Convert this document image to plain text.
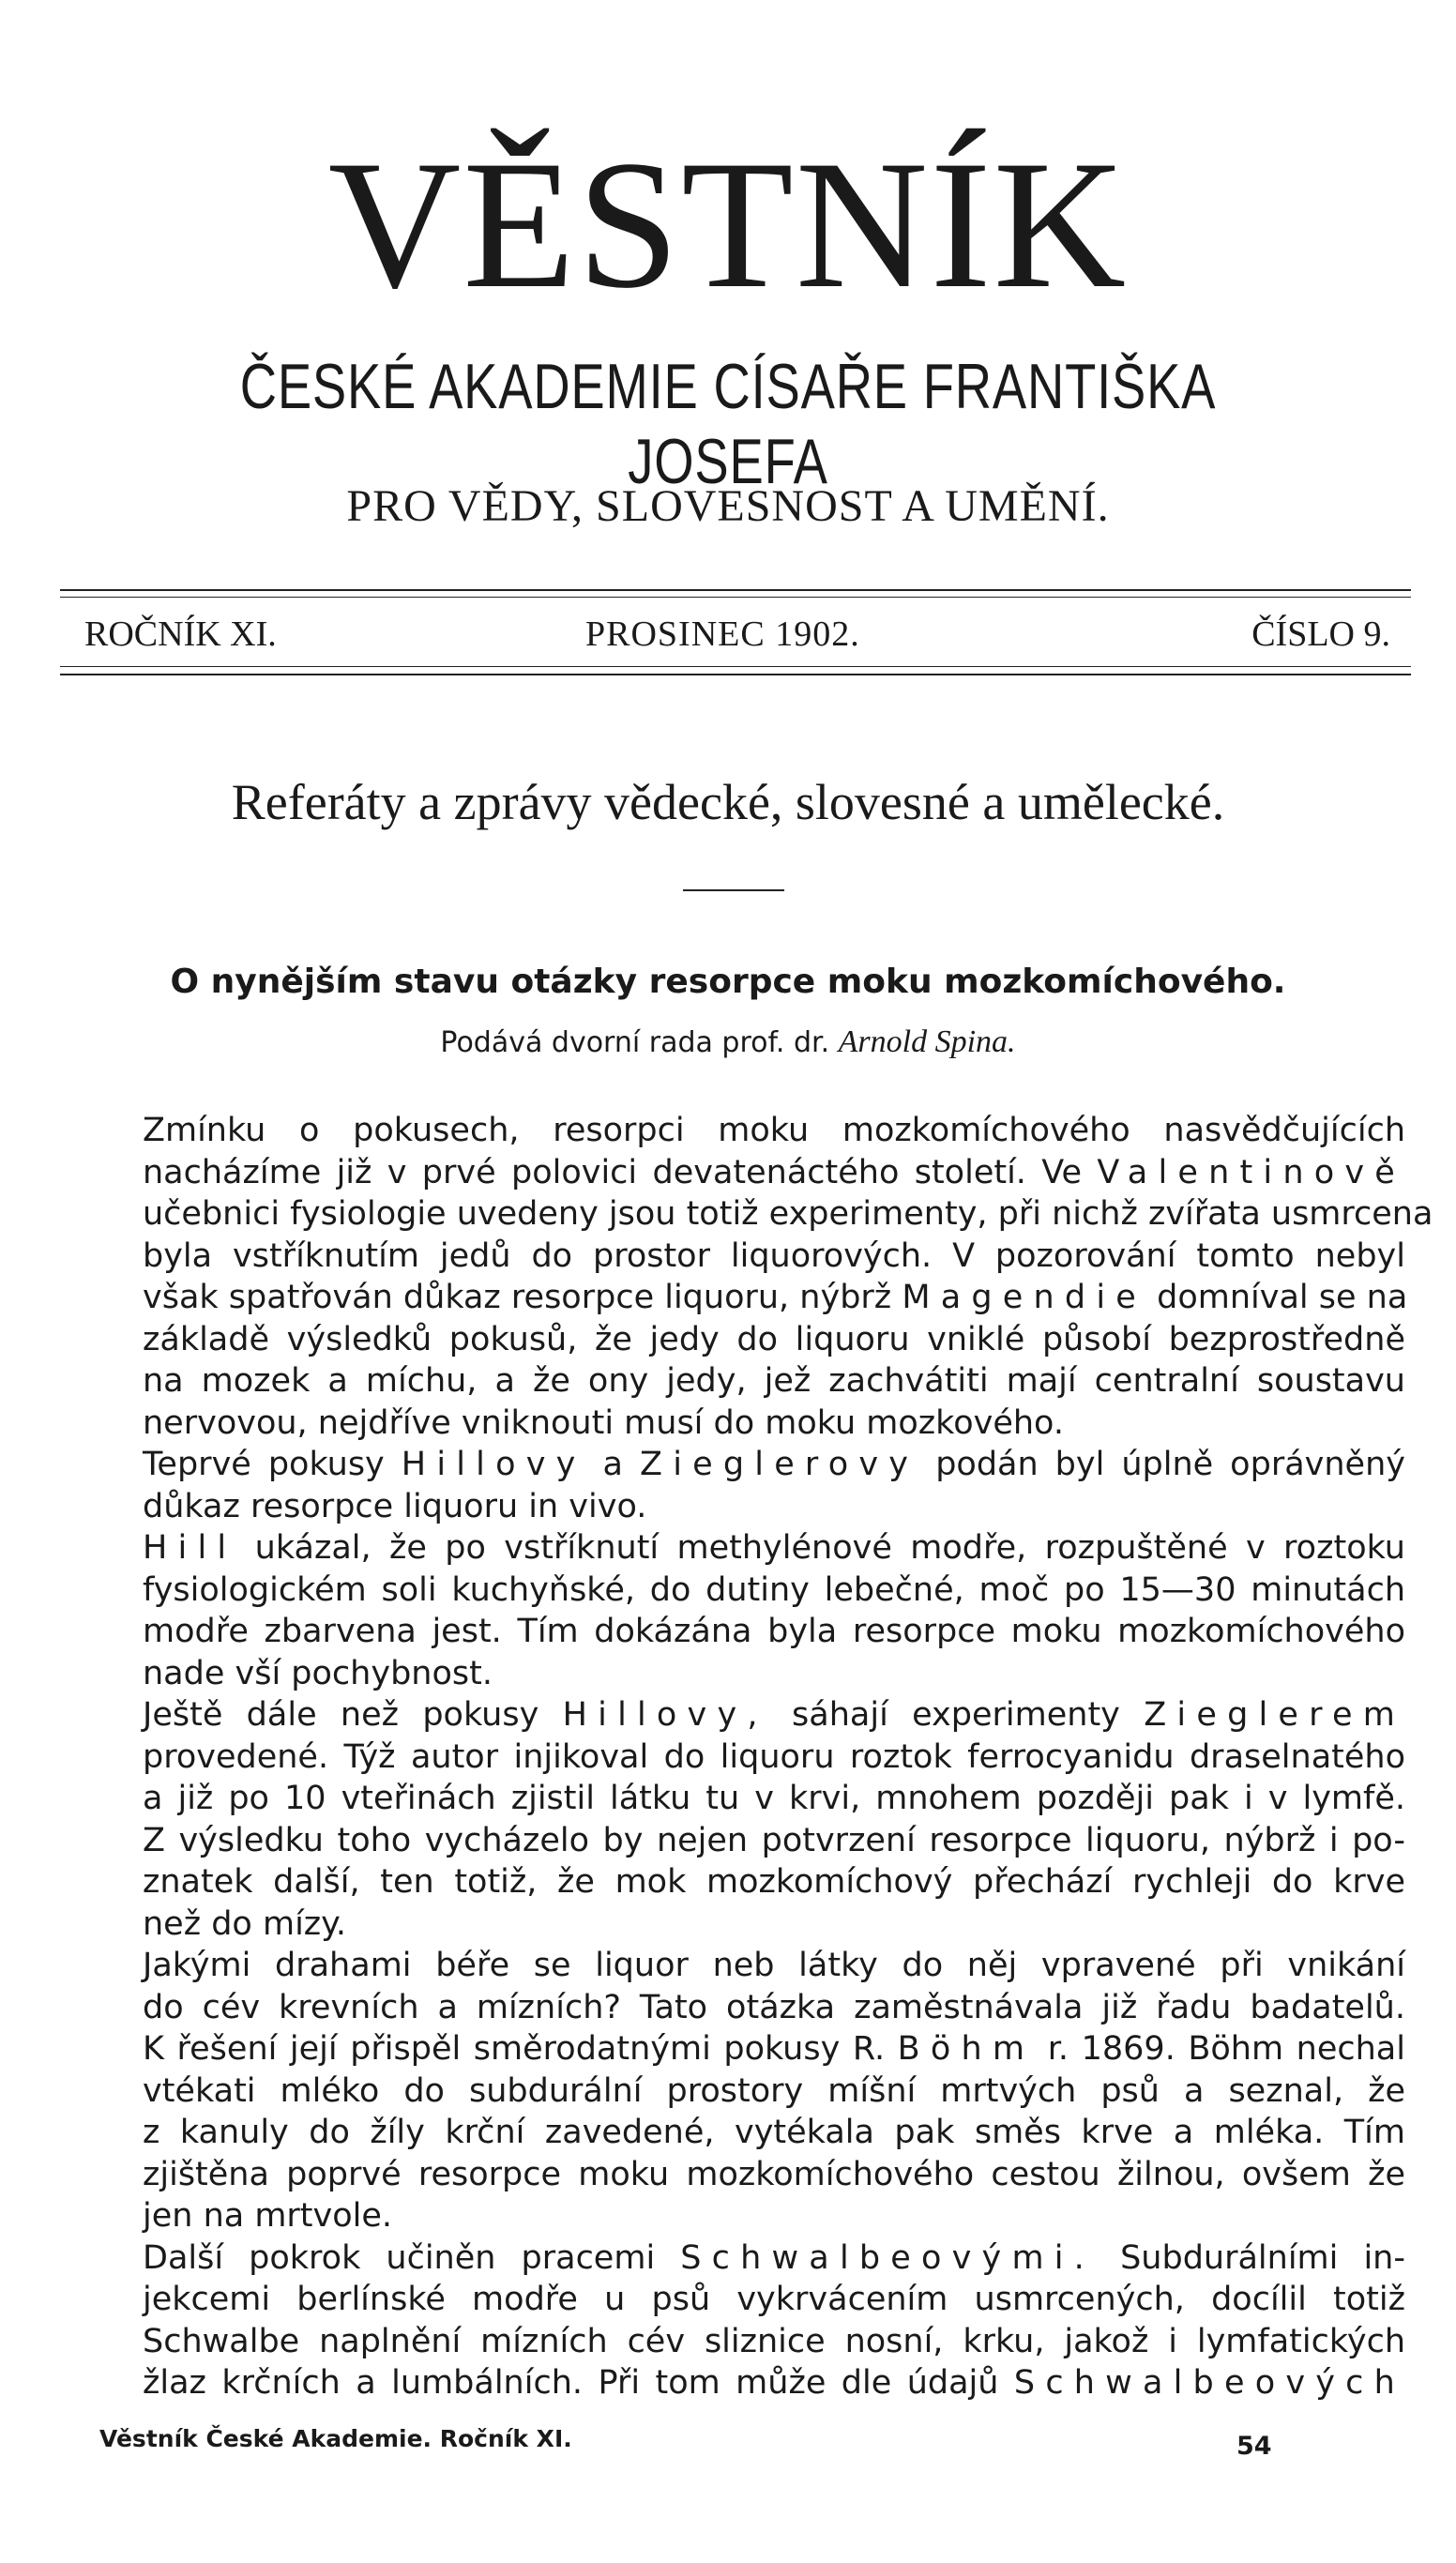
VĚSTNÍK
ČESKÉ AKADEMIE CÍSAŘE FRANTIŠKA JOSEFA
PRO VĚDY, SLOVESNOST A UMĚNÍ.
ROČNÍK XI.	PROSINEC 1902.	ČÍSLO 9.
Referáty a zprávy vědecké, slovesné a umělecké.
O nynějším stavu otázky resorpce moku mozkomíchového.
Podává dvorní rada prof. dr. Arnold Spina.

Zmínku o pokusech, resorpci moku mozkomíchového nasvědčujících
nacházíme již v prvé polovici devatenáctého století. Ve Valentinově
učebnici fysiologie uvedeny jsou totiž experimenty, při nichž zvířata usmrcena
byla vstříknutím jedů do prostor liquorových. V pozorování tomto nebyl
však spatřován důkaz resorpce liquoru, nýbrž Magendie domníval se na
základě výsledků pokusů, že jedy do liquoru vniklé působí bezprostředně
na mozek a míchu, a že ony jedy, jež zachvátiti mají centralní soustavu
nervovou, nejdříve vniknouti musí do moku mozkového.

Teprvé pokusy Hillovy a Zieglerovy podán byl úplně oprávněný
důkaz resorpce liquoru in vivo.

Hill ukázal, že po vstříknutí methylénové modře, rozpuštěné v roztoku
fysiologickém soli kuchyňské, do dutiny lebečné, moč po 15—30 minutách
modře zbarvena jest. Tím dokázána byla resorpce moku mozkomíchového
nade vší pochybnost.

Ještě dále než pokusy Hillovy, sáhají experimenty Zieglerem
provedené. Týž autor injikoval do liquoru roztok ferrocyanidu draselnatého
a již po 10 vteřinách zjistil látku tu v krvi, mnohem později pak i v lymfě.
Z výsledku toho vycházelo by nejen potvrzení resorpce liquoru, nýbrž i po-
znatek další, ten totiž, že mok mozkomíchový přechází rychleji do krve
než do mízy.

Jakými drahami béře se liquor neb látky do něj vpravené při vnikání
do cév krevních a mízních? Tato otázka zaměstnávala již řadu badatelů.
K řešení její přispěl směrodatnými pokusy R. Böhm r. 1869. Böhm nechal
vtékati mléko do subdurální prostory míšní mrtvých psů a seznal, že
z kanuly do žíly krční zavedené, vytékala pak směs krve a mléka. Tím
zjištěna poprvé resorpce moku mozkomíchového cestou žilnou, ovšem že
jen na mrtvole.

Další pokrok učiněn pracemi Schwalbeovými. Subdurálními in-
jekcemi berlínské modře u psů vykrvácením usmrcených, docílil totiž
Schwalbe naplnění mízních cév sliznice nosní, krku, jakož i lymfatických
žlaz krčních a lumbálních. Při tom může dle údajů Schwalbeových

Věstník České Akademie. Ročník XI.	54
